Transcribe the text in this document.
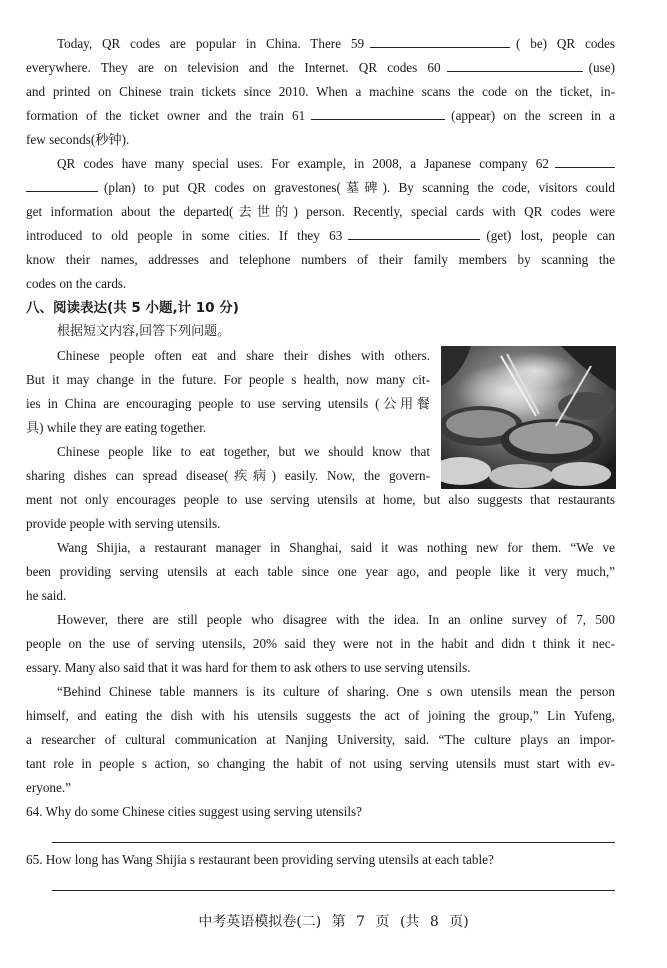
Today, QR codes are popular in China. There 59	( be) QR codes
everywhere. They are on television and the Internet. QR codes 60	(use)
and printed on Chinese train tickets since 2010. When a machine scans the code on the ticket, in-
formation of the ticket owner and the train 61	(appear) on the screen in a
few seconds(秒钟).
QR codes have many special uses. For example, in 2008, a Japanese company 62
(plan) to put QR codes on gravestones(墓碑). By scanning the code, visitors could
get information about the departed(去世的) person. Recently, special cards with QR codes were
introduced to old people in some cities. If they 63	(get) lost, people can
know their names, addresses and telephone numbers of their family members by scanning the
codes on the cards.
八、阅读表达(共 5 小题,计 10 分)
根据短文内容,回答下列问题。
Chinese people often eat and share their dishes with others.
But it may change in the future. For people s health, now many cit-
ies in China are encouraging people to use serving utensils (公用餐
具) while they are eating together.
Chinese people like to eat together, but we should know that
sharing dishes can spread disease(疾病) easily. Now, the govern-
ment not only encourages people to use serving utensils at home, but also suggests that restaurants
provide people with serving utensils.
Wang Shijia, a restaurant manager in Shanghai, said it was nothing new for them. “We ve
been providing serving utensils at each table since one year ago, and people like it very much,”
he said.
However, there are still people who disagree with the idea. In an online survey of 7, 500
people on the use of serving utensils, 20% said they were not in the habit and didn t think it nec-
essary. Many also said that it was hard for them to ask others to use serving utensils.
“Behind Chinese table manners is its culture of sharing. One s own utensils mean the person
himself, and eating the dish with his utensils suggests the act of joining the group,” Lin Yufeng,
a researcher of cultural communication at Nanjing University, said. “The culture plays an impor-
tant role in people s action, so changing the habit of not using serving utensils must start with ev-
eryone.”
64. Why do some Chinese cities suggest using serving utensils?
65. How long has Wang Shijia s restaurant been providing serving utensils at each table?
中考英语模拟卷(二) 第 7 页 (共 8 页)
